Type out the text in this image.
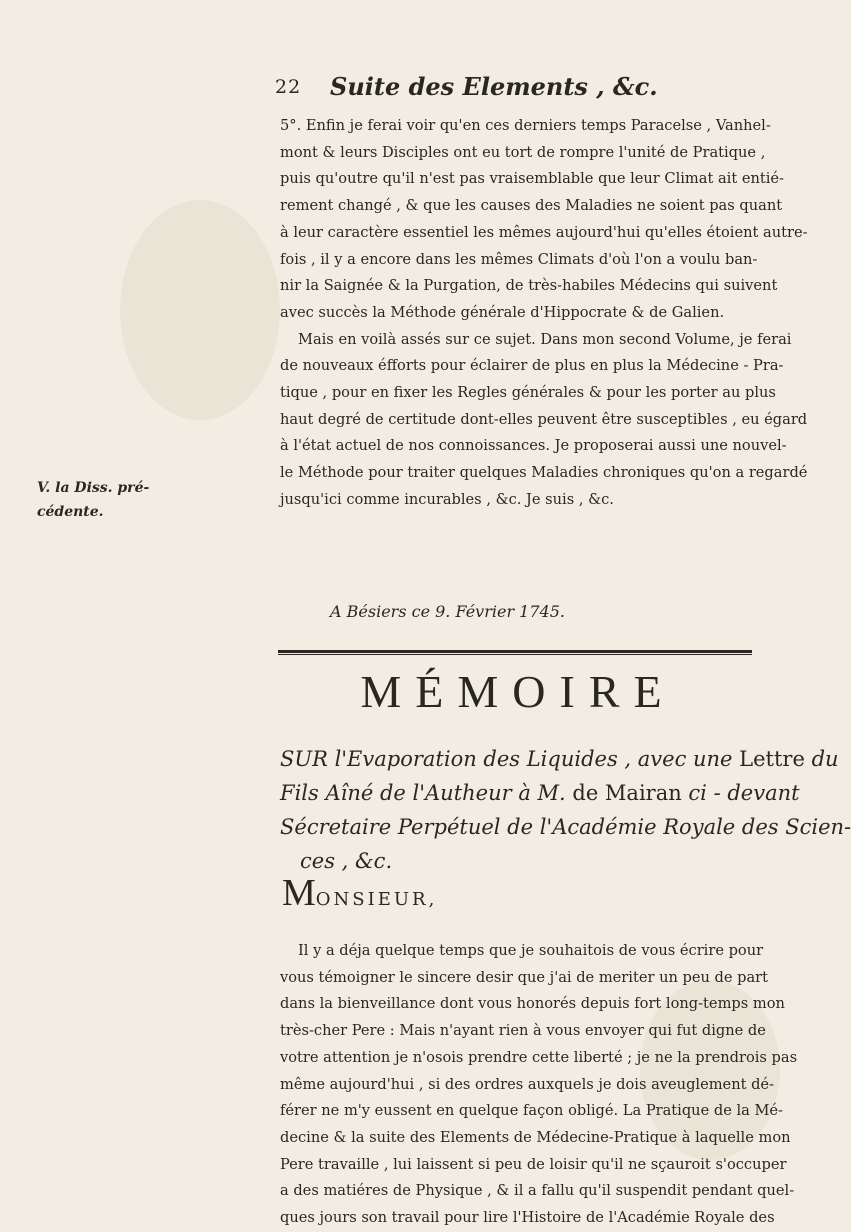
22 Suite des Elements , &c.
5°. Enfin je ferai voir qu'en ces derniers temps Paracelse , Vanhel-
mont & leurs Disciples ont eu tort de rompre l'unité de Pratique ,
puis qu'outre qu'il n'est pas vraisemblable que leur Climat ait entié-
rement changé , & que les causes des Maladies ne soient pas quant
à leur caractère essentiel les mêmes aujourd'hui qu'elles étoient autre-
fois , il y a encore dans les mêmes Climats d'où l'on a voulu ban-
nir la Saignée & la Purgation, de très-habiles Médecins qui suivent
avec succès la Méthode générale d'Hippocrate & de Galien.
Mais en voilà assés sur ce sujet. Dans mon second Volume, je ferai
de nouveaux éfforts pour éclairer de plus en plus la Médecine - Pra-
tique , pour en fixer les Regles générales & pour les porter au plus
haut degré de certitude dont-elles peuvent être susceptibles , eu égard
à l'état actuel de nos connoissances. Je proposerai aussi une nouvel-
le Méthode pour traiter quelques Maladies chroniques qu'on a regardé
jusqu'ici comme incurables , &c. Je suis , &c.
V. la Diss. pré-
cédente.
A Bésiers ce 9. Février 1745.
MÉMOIRE
SUR l'Evaporation des Liquides , avec une Lettre du
Fils Aîné de l'Autheur à M. de Mairan ci - devant
Sécretaire Perpétuel de l'Académie Royale des Scien-
ces , &c.
MONSIEUR,
Il y a déja quelque temps que je souhaitois de vous écrire pour
vous témoigner le sincere desir que j'ai de meriter un peu de part
dans la bienveillance dont vous honorés depuis fort long-temps mon
très-cher Pere : Mais n'ayant rien à vous envoyer qui fut digne de
votre attention je n'osois prendre cette liberté ; je ne la prendrois pas
même aujourd'hui , si des ordres auxquels je dois aveuglement dé-
férer ne m'y eussent en quelque façon obligé. La Pratique de la Mé-
decine & la suite des Elements de Médecine-Pratique à laquelle mon
Pere travaille , lui laissent si peu de loisir qu'il ne sçauroit s'occuper
a des matiéres de Physique , & il a fallu qu'il suspendit pendant quel-
ques jours son travail pour lire l'Histoire de l'Académie Royale des
